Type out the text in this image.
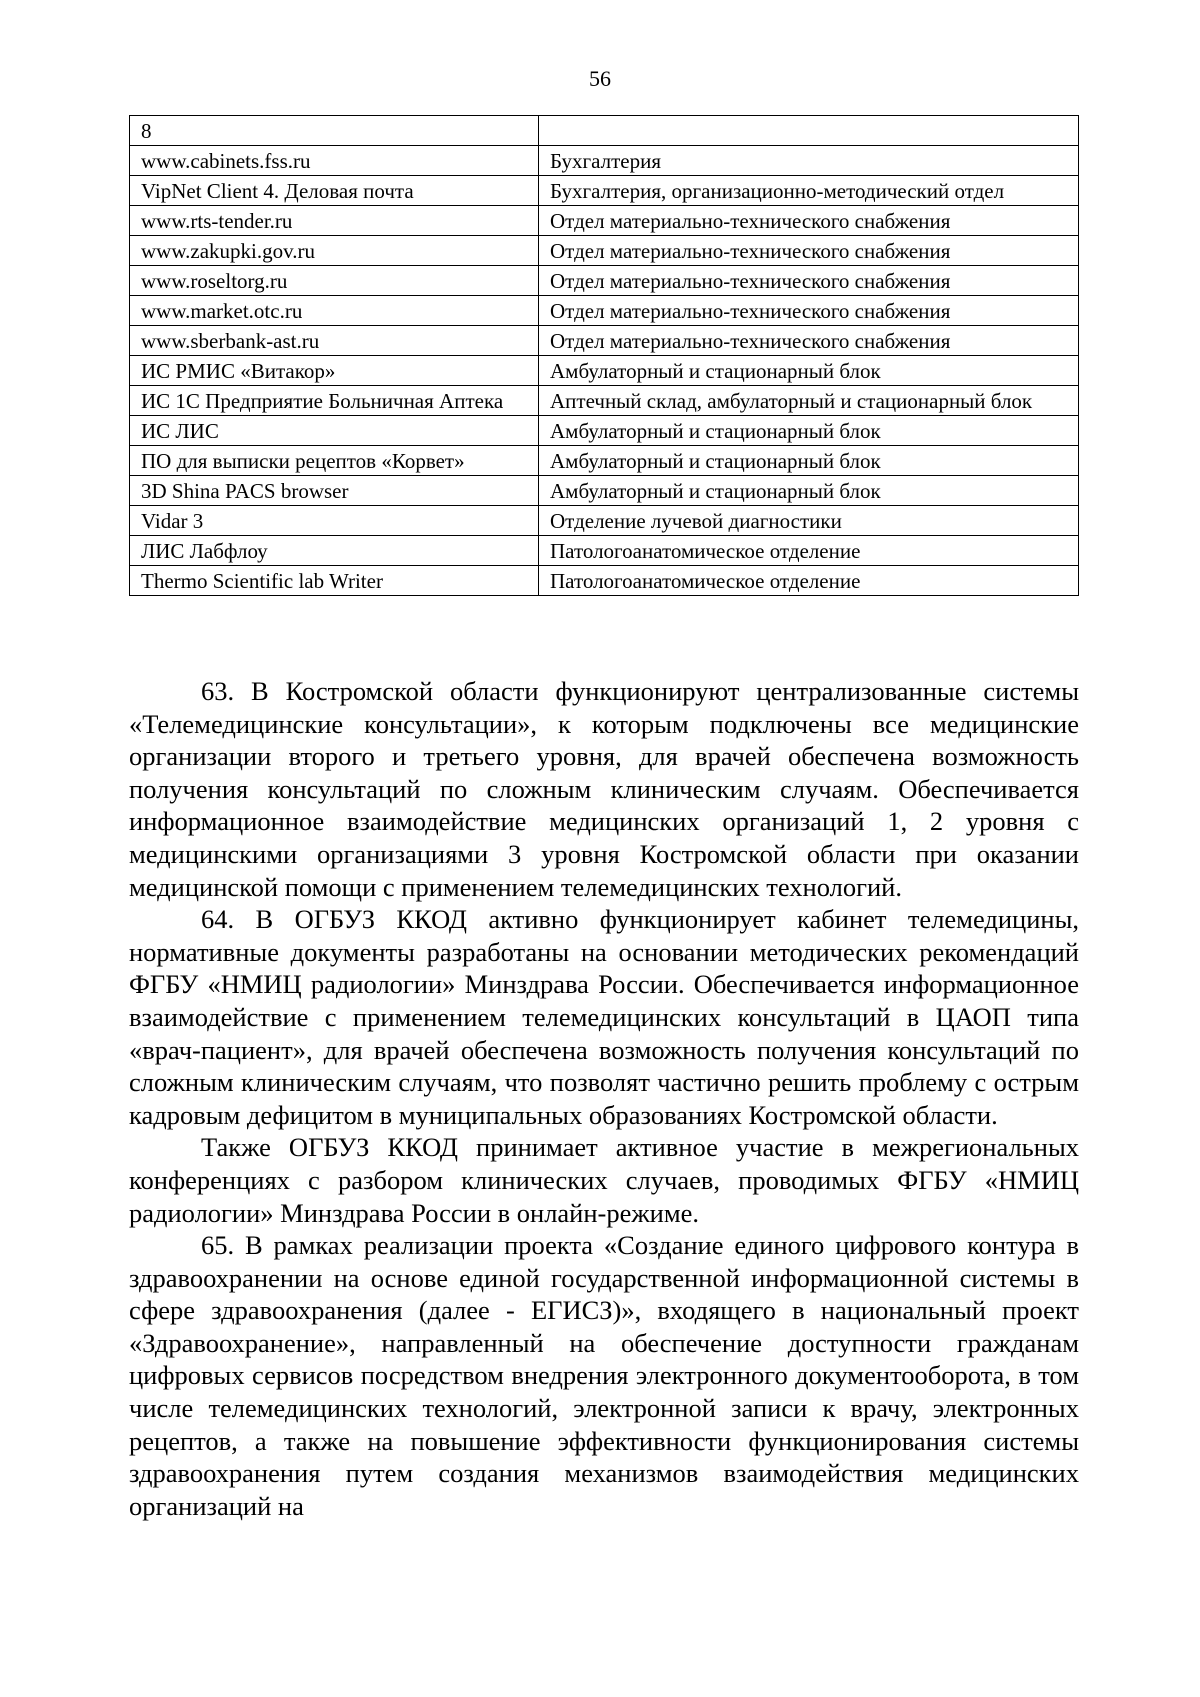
56
8	
www.cabinets.fss.ru	Бухгалтерия
VipNet Client 4. Деловая почта	Бухгалтерия, организационно-методический отдел
www.rts-tender.ru	Отдел материально-технического снабжения
www.zakupki.gov.ru	Отдел материально-технического снабжения
www.roseltorg.ru	Отдел материально-технического снабжения
www.market.otc.ru	Отдел материально-технического снабжения
www.sberbank-ast.ru	Отдел материально-технического снабжения
ИС РМИС «Витакор»	Амбулаторный и стационарный блок
ИС 1С Предприятие Больничная Аптека	Аптечный склад, амбулаторный и стационарный блок
ИС ЛИС	Амбулаторный и стационарный блок
ПО для выписки рецептов «Корвет»	Амбулаторный и стационарный блок
3D Shina PACS browser	Амбулаторный и стационарный блок
Vidar 3	Отделение лучевой диагностики
ЛИС Лабфлоу	Патологоанатомическое отделение
Thermo Scientific lab Writer	Патологоанатомическое отделение

63. В Костромской области функционируют централизованные системы «Телемедицинские консультации», к которым подключены все медицинские организации второго и третьего уровня, для врачей обеспечена возможность получения консультаций по сложным клиническим случаям. Обеспечивается информационное взаимодействие медицинских организаций 1, 2 уровня с медицинскими организациями 3 уровня Костромской области при оказании медицинской помощи с применением телемедицинских технологий.

64. В ОГБУЗ ККОД активно функционирует кабинет телемедицины, нормативные документы разработаны на основании методических рекомендаций ФГБУ «НМИЦ радиологии» Минздрава России. Обеспечивается информационное взаимодействие с применением телемедицинских консультаций в ЦАОП типа «врач-пациент», для врачей обеспечена возможность получения консультаций по сложным клиническим случаям, что позволят частично решить проблему с острым кадровым дефицитом в муниципальных образованиях Костромской области.

Также ОГБУЗ ККОД принимает активное участие в межрегиональных конференциях с разбором клинических случаев, проводимых ФГБУ «НМИЦ радиологии» Минздрава России в онлайн-режиме.

65. В рамках реализации проекта «Создание единого цифрового контура в здравоохранении на основе единой государственной информационной системы в сфере здравоохранения (далее - ЕГИСЗ)», входящего в национальный проект «Здравоохранение», направленный на обеспечение доступности гражданам цифровых сервисов посредством внедрения электронного документооборота, в том числе телемедицинских технологий, электронной записи к врачу, электронных рецептов, а также на повышение эффективности функционирования системы здравоохранения путем создания механизмов взаимодействия медицинских организаций на
